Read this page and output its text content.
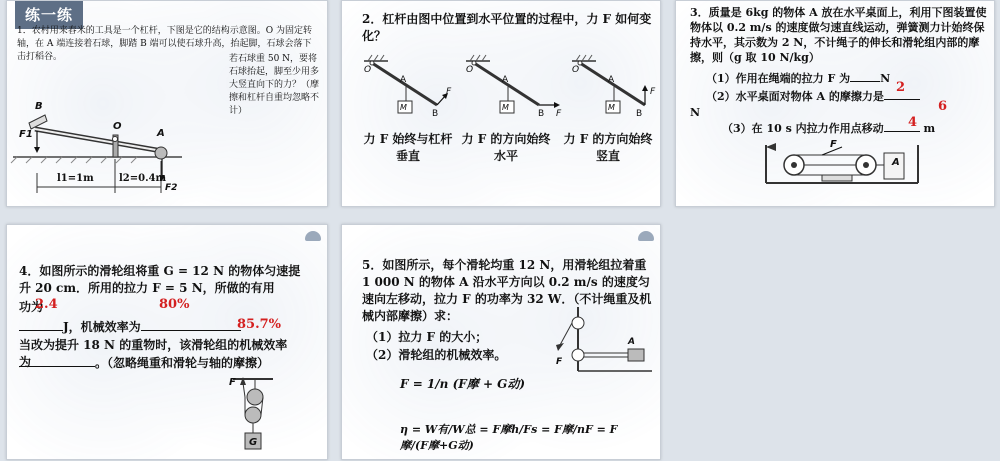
练一练
1．农村用来舂米的工具是一个杠杆，下图是它的结构示意图。O 为固定转轴，在 A 端连接着石球，脚踏 B 端可以使石球升高，抬起脚，石球会落下击打稻谷。	若石球重 50 N，要将石球抬起，脚至少用多大竖直向下的力？（摩擦和杠杆自重均忽略不计）
B
O
A
F1
F2
l1=1m	l2=0.4m
2．杠杆由图中位置到水平位置的过程中，力 F 如何变化？
O
A
M
B
F
O
A
M
B F
O
A
M
B
F
力 F 始终与杠杆垂直
力 F 的方向始终水平
力 F 的方向始终竖直
3．质量是 6kg 的物体 A 放在水平桌面上，利用下图装置使物体以 0.2 m/s 的速度做匀速直线运动，弹簧测力计始终保持水平，其示数为 2 N，不计绳子的伸长和滑轮组内部的摩擦，则（g 取 10 N/kg）
（1）作用在绳端的拉力 F 为	N
2
（2）水平桌面对物体 A 的摩擦力是
6
N
（3）在 10 s 内拉力作用点移动	m
4
F
A
4．如图所示的滑轮组将重 G = 12 N 的物体匀速提升 20 cm．所用的拉力 F = 5 N，所做的有用
功为
2.4	80%
J，机械效率为	85.7%
当改为提升 18 N 的重物时，该滑轮组的机械效率为	。（忽略绳重和滑轮与轴的摩擦）
F
G
5．如图所示，每个滑轮均重 12 N，用滑轮组拉着重 1 000 N 的物体 A 沿水平方向以 0.2 m/s 的速度匀速向左移动，拉力 F 的功率为 32 W．（不计绳重及机械内部摩擦）求：
（1）拉力 F 的大小；
（2）滑轮组的机械效率。
F = 1/n (F摩 + G动)
η = W有/W总 = F摩h/Fs = F摩/nF = F摩/(F摩+G动)
F
A
